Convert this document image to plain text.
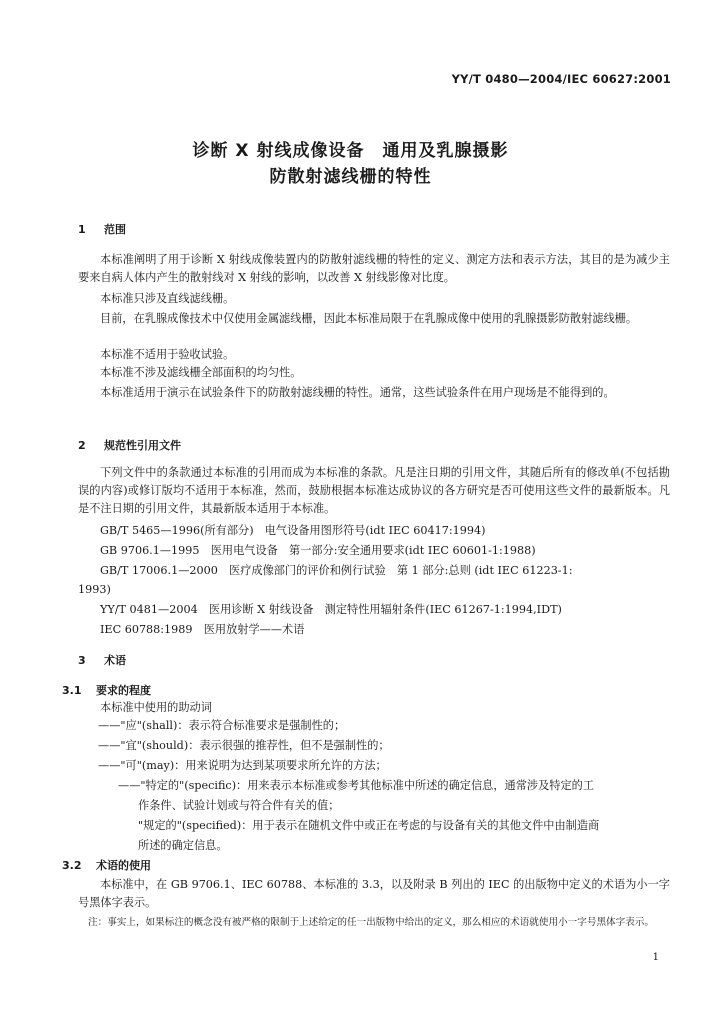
YY/T 0480—2004/IEC 60627:2001
诊断 X 射线成像设备　通用及乳腺摄影
防散射滤线栅的特性
1 范围
本标准阐明了用于诊断 X 射线成像装置内的防散射滤线栅的特性的定义、测定方法和表示方法，其目的是为减少主要来自病人体内产生的散射线对 X 射线的影响，以改善 X 射线影像对比度。
本标准只涉及直线滤线栅。
目前，在乳腺成像技术中仅使用金属滤线栅，因此本标准局限于在乳腺成像中使用的乳腺摄影防散射滤线栅。
本标准不适用于验收试验。
本标准不涉及滤线栅全部面积的均匀性。
本标准适用于演示在试验条件下的防散射滤线栅的特性。通常，这些试验条件在用户现场是不能得到的。
2 规范性引用文件
下列文件中的条款通过本标准的引用而成为本标准的条款。凡是注日期的引用文件，其随后所有的修改单(不包括勘误的内容)或修订版均不适用于本标准，然而，鼓励根据本标准达成协议的各方研究是否可使用这些文件的最新版本。凡是不注日期的引用文件，其最新版本适用于本标准。
GB/T 5465—1996(所有部分)　电气设备用图形符号(idt IEC 60417:1994)
GB 9706.1—1995　医用电气设备　第一部分:安全通用要求(idt IEC 60601-1:1988)
GB/T 17006.1—2000　医疗成像部门的评价和例行试验　第 1 部分:总则 (idt IEC 61223-1:
1993)
YY/T 0481—2004　医用诊断 X 射线设备　测定特性用辐射条件(IEC 61267-1:1994,IDT)
IEC 60788:1989　医用放射学——术语
3 术语
3.1 要求的程度
本标准中使用的助动词
——"应"(shall)：表示符合标准要求是强制性的；
——"宜"(should)：表示很强的推荐性，但不是强制性的；
——"可"(may)：用来说明为达到某项要求所允许的方法；
——"特定的"(specific)：用来表示本标准或参考其他标准中所述的确定信息，通常涉及特定的工
作条件、试验计划或与符合件有关的值；
"规定的"(specified)：用于表示在随机文件中或正在考虑的与设备有关的其他文件中由制造商
所述的确定信息。
3.2 术语的使用
本标准中，在 GB 9706.1、IEC 60788、本标准的 3.3，以及附录 B 列出的 IEC 的出版物中定义的术语为小一字号黑体字表示。
注：事实上，如果标注的概念没有被严格的限制于上述给定的任一出版物中给出的定义，那么相应的术语就使用小一字号黑体字表示。
1
